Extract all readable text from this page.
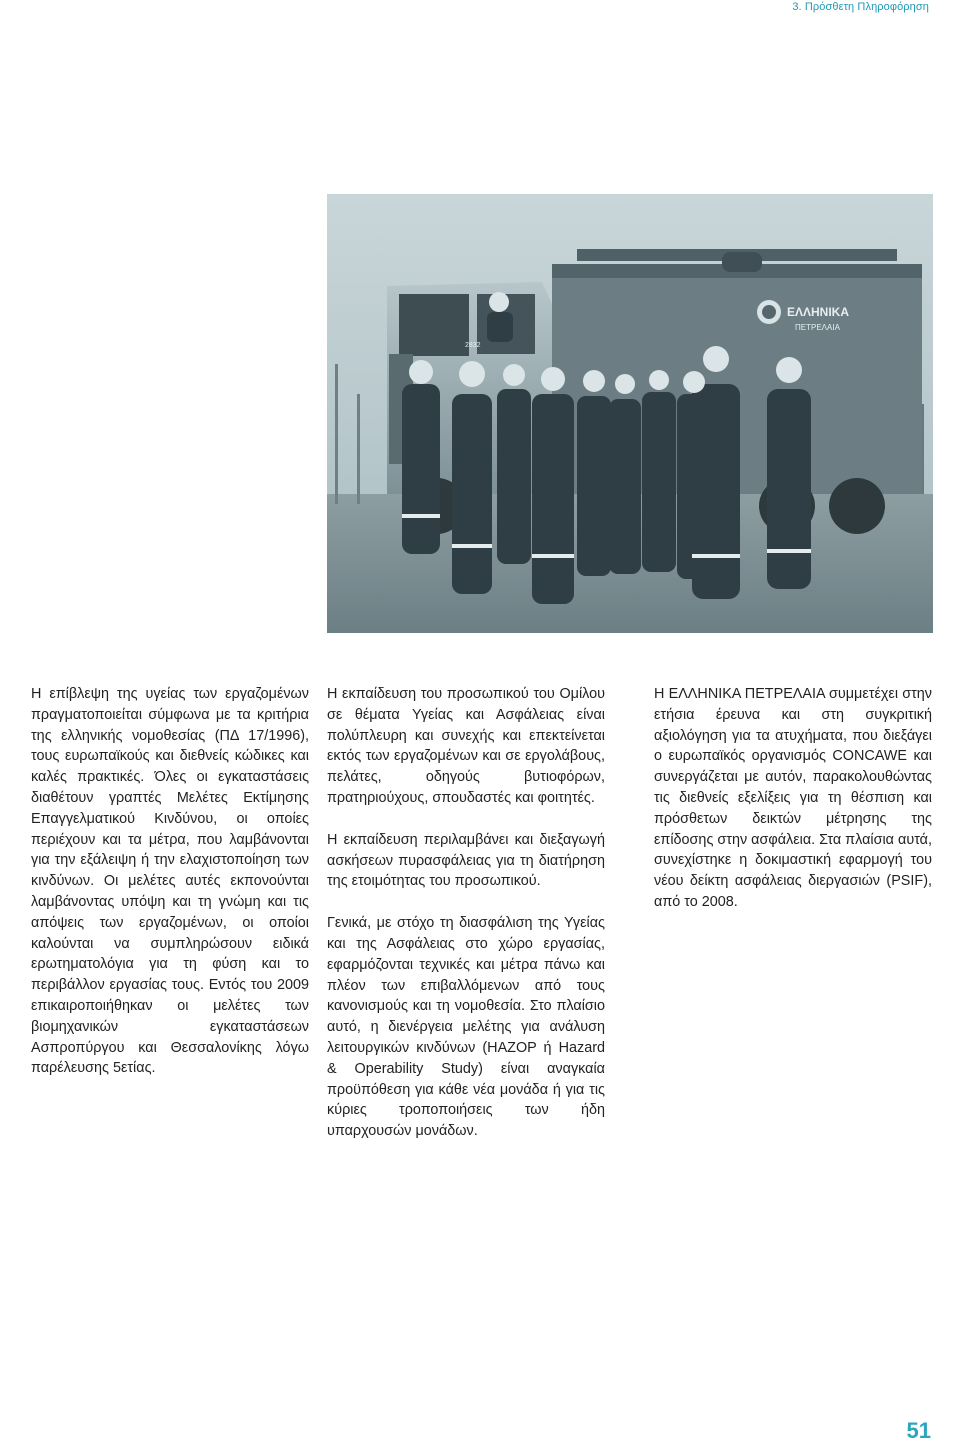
3. Πρόσθετη Πληροφόρηση
ΕΛΛΗΝΙΚΑ
ΠΕΤΡΕΛΑΙΑ
2832

Η επίβλεψη της υγείας των εργαζομένων πραγματοποιείται σύμφωνα με τα κριτήρια της ελληνικής νομοθεσίας (ΠΔ 17/1996), τους ευρωπαϊκούς και διεθνείς κώδικες και καλές πρακτικές. Όλες οι εγκαταστάσεις διαθέτουν γραπτές Μελέτες Εκτίμησης Επαγγελματικού Κινδύνου, οι οποίες περιέχουν και τα μέτρα, που λαμβάνονται για την εξάλειψη ή την ελαχιστοποίηση των κινδύνων. Οι μελέτες αυτές εκπονούνται λαμβάνοντας υπόψη και τη γνώμη και τις απόψεις των εργαζομένων, οι οποίοι καλούνται να συμπληρώσουν ειδικά ερωτηματολόγια για τη φύση και το περιβάλλον εργασίας τους. Εντός του 2009 επικαιροποιήθηκαν οι μελέτες των βιομηχανικών εγκαταστάσεων Ασπροπύργου και Θεσσαλονίκης λόγω παρέλευσης 5ετίας.

Η εκπαίδευση του προσωπικού του Ομίλου σε θέματα Υγείας και Ασφάλειας είναι πολύπλευρη και συνεχής και επεκτείνεται εκτός των εργαζομένων και σε εργολάβους, πελάτες, οδηγούς βυτιοφόρων, πρατηριούχους, σπουδαστές και φοιτητές.

Η εκπαίδευση περιλαμβάνει και διεξαγωγή ασκήσεων πυρασφάλειας για τη διατήρηση της ετοιμότητας του προσωπικού.

Γενικά, με στόχο τη διασφάλιση της Υγείας και της Ασφάλειας στο χώρο εργασίας, εφαρμόζονται τεχνικές και μέτρα πάνω και πλέον των επιβαλλόμενων από τους κανονισμούς και τη νομοθεσία. Στο πλαίσιο αυτό, η διενέργεια μελέτης για ανάλυση λειτουργικών κινδύνων (HAZOP ή Hazard & Operability Study) είναι αναγκαία προϋπόθεση για κάθε νέα μονάδα ή για τις κύριες τροποποιήσεις των ήδη υπαρχουσών μονάδων.

Η ΕΛΛΗΝΙΚΑ ΠΕΤΡΕΛΑΙΑ συμμετέχει στην ετήσια έρευνα και στη συγκριτική αξιολόγηση για τα ατυχήματα, που διεξάγει ο ευρωπαϊκός οργανισμός CONCAWE και συνεργάζεται με αυτόν, παρακολουθώντας τις διεθνείς εξελίξεις για τη θέσπιση και πρόσθετων δεικτών μέτρησης της επίδοσης στην ασφάλεια. Στα πλαίσια αυτά, συνεχίστηκε η δοκιμαστική εφαρμογή του νέου δείκτη ασφάλειας διεργασιών (PSIF), από το 2008.

51
